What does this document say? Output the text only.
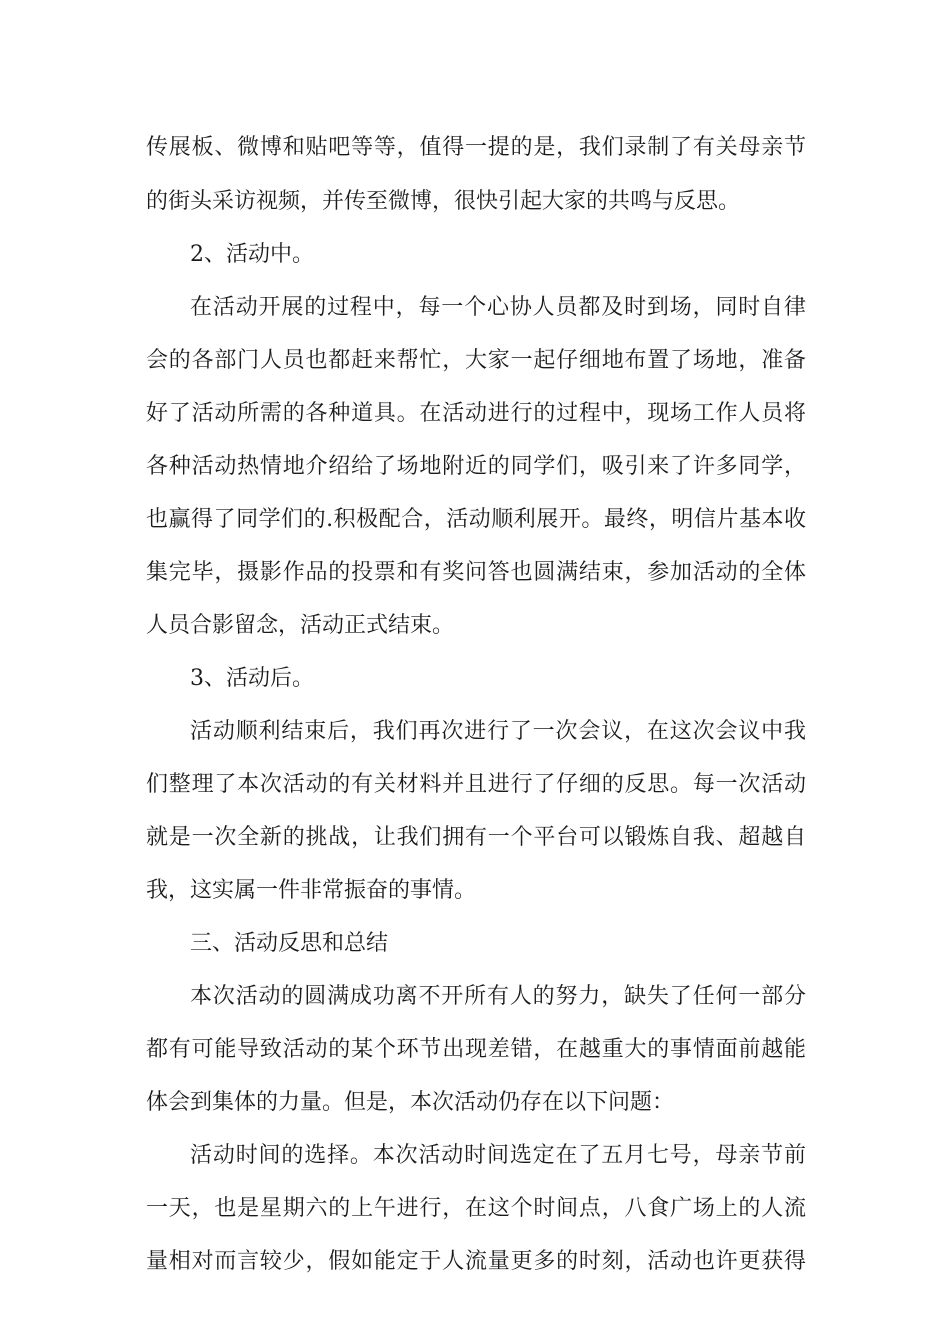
传展板、微博和贴吧等等，值得一提的是，我们录制了有关母亲节
的街头采访视频，并传至微博，很快引起大家的共鸣与反思。
2、活动中。
在活动开展的过程中，每一个心协人员都及时到场，同时自律
会的各部门人员也都赶来帮忙，大家一起仔细地布置了场地，准备
好了活动所需的各种道具。在活动进行的过程中，现场工作人员将
各种活动热情地介绍给了场地附近的同学们，吸引来了许多同学，
也赢得了同学们的.积极配合，活动顺利展开。最终，明信片基本收
集完毕，摄影作品的投票和有奖问答也圆满结束，参加活动的全体
人员合影留念，活动正式结束。
3、活动后。
活动顺利结束后，我们再次进行了一次会议，在这次会议中我
们整理了本次活动的有关材料并且进行了仔细的反思。每一次活动
就是一次全新的挑战，让我们拥有一个平台可以锻炼自我、超越自
我，这实属一件非常振奋的事情。
三、活动反思和总结
本次活动的圆满成功离不开所有人的努力，缺失了任何一部分
都有可能导致活动的某个环节出现差错，在越重大的事情面前越能
体会到集体的力量。但是，本次活动仍存在以下问题：
活动时间的选择。本次活动时间选定在了五月七号，母亲节前
一天，也是星期六的上午进行，在这个时间点，八食广场上的人流
量相对而言较少，假如能定于人流量更多的时刻，活动也许更获得
